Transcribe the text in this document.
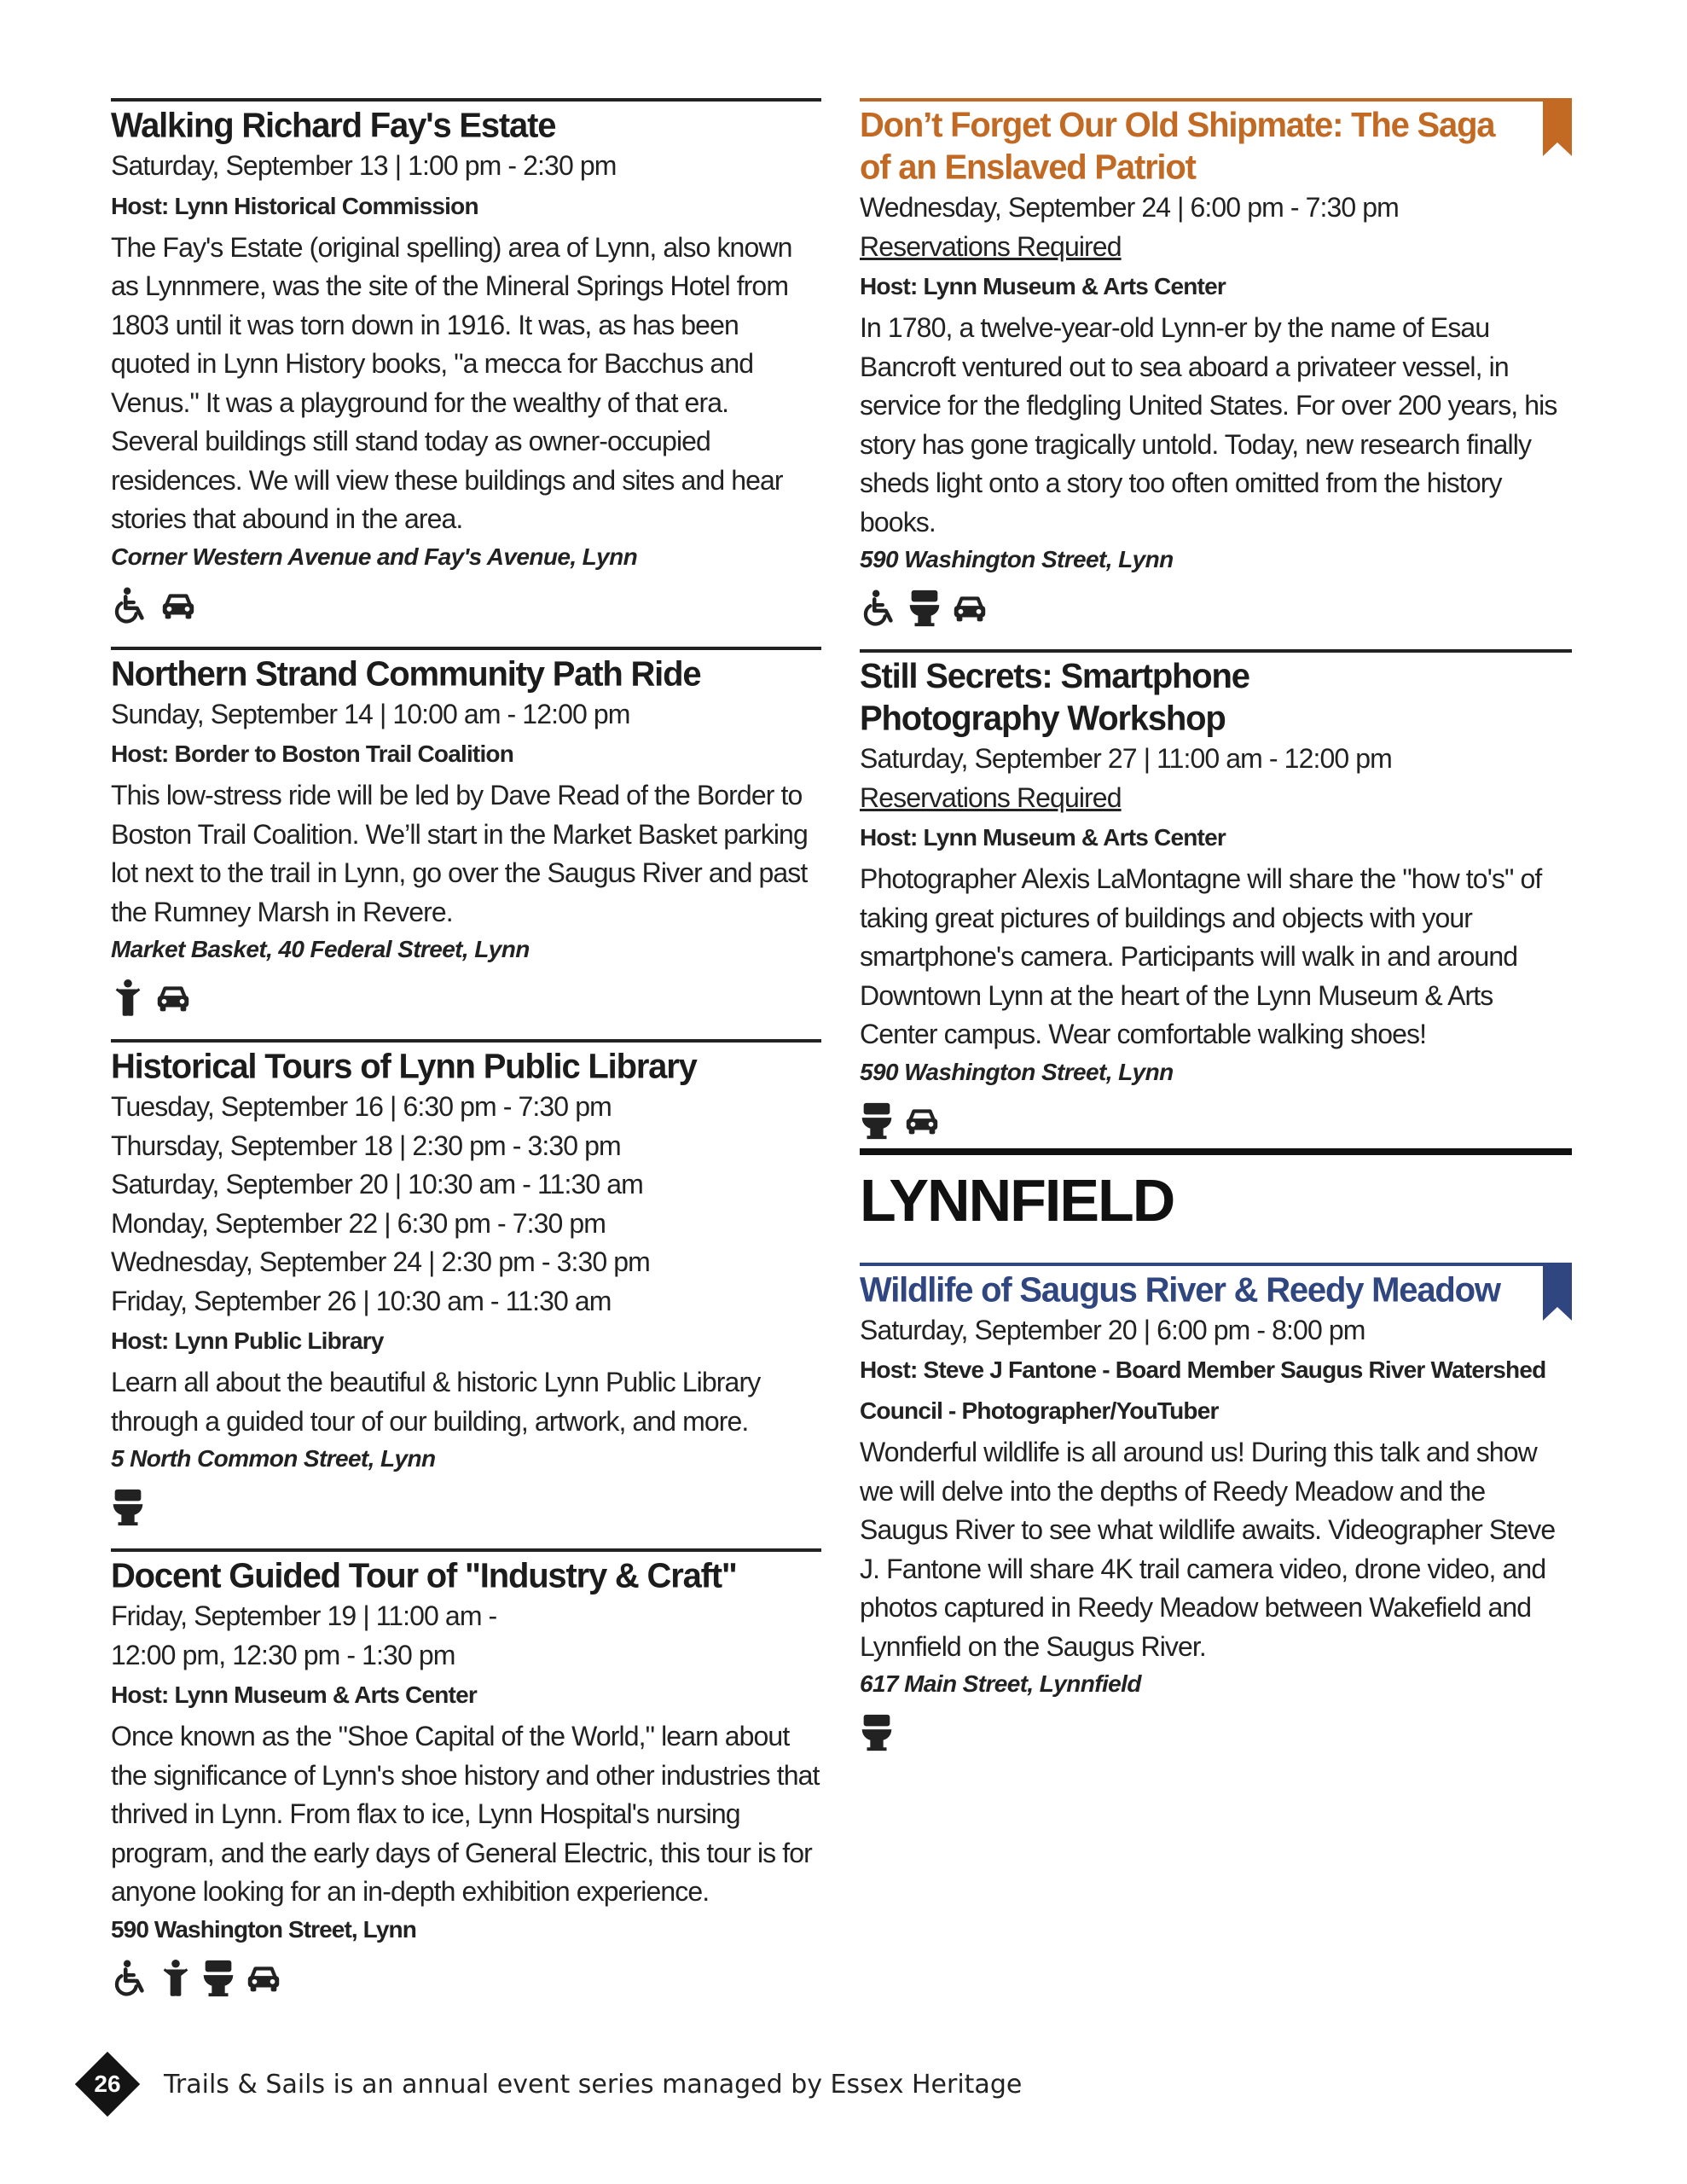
Walking Richard Fay's Estate
Saturday, September 13 | 1:00 pm - 2:30 pm
Host: Lynn Historical Commission
The Fay's Estate (original spelling) area of Lynn, also known as Lynnmere, was the site of the Mineral Springs Hotel from 1803 until it was torn down in 1916. It was, as has been quoted in Lynn History books, "a mecca for Bacchus and Venus." It was a playground for the wealthy of that era. Several buildings still stand today as owner-occupied residences. We will view these buildings and sites and hear stories that abound in the area.
Corner Western Avenue and Fay's Avenue, Lynn
Northern Strand Community Path Ride
Sunday, September 14 | 10:00 am - 12:00 pm
Host: Border to Boston Trail Coalition
This low-stress ride will be led by Dave Read of the Border to Boston Trail Coalition. We’ll start in the Market Basket parking lot next to the trail in Lynn, go over the Saugus River and past the Rumney Marsh in Revere.
Market Basket, 40 Federal Street, Lynn
Historical Tours of Lynn Public Library
Tuesday, September 16 | 6:30 pm - 7:30 pm
Thursday, September 18 | 2:30 pm - 3:30 pm
Saturday, September 20 | 10:30 am - 11:30 am
Monday, September 22 | 6:30 pm - 7:30 pm
Wednesday, September 24 | 2:30 pm - 3:30 pm
Friday, September 26 | 10:30 am - 11:30 am
Host: Lynn Public Library
Learn all about the beautiful & historic Lynn Public Library through a guided tour of our building, artwork, and more.
5 North Common Street, Lynn
Docent Guided Tour of "Industry & Craft"
Friday, September 19 | 11:00 am -
12:00 pm, 12:30 pm - 1:30 pm
Host: Lynn Museum & Arts Center
Once known as the "Shoe Capital of the World," learn about the significance of Lynn's shoe history and other industries that thrived in Lynn. From flax to ice, Lynn Hospital's nursing program, and the early days of General Electric, this tour is for anyone looking for an in-depth exhibition experience.
590 Washington Street, Lynn
Don’t Forget Our Old Shipmate: The Saga of an Enslaved Patriot
Wednesday, September 24 | 6:00 pm - 7:30 pm
Reservations Required
Host: Lynn Museum & Arts Center
In 1780, a twelve-year-old Lynn-er by the name of Esau Bancroft ventured out to sea aboard a privateer vessel, in service for the fledgling United States. For over 200 years, his story has gone tragically untold. Today, new research finally sheds light onto a story too often omitted from the history books.
590 Washington Street, Lynn
Still Secrets: Smartphone Photography Workshop
Saturday, September 27 | 11:00 am - 12:00 pm
Reservations Required
Host: Lynn Museum & Arts Center
Photographer Alexis LaMontagne will share the "how to's" of taking great pictures of buildings and objects with your smartphone's camera. Participants will walk in and around Downtown Lynn at the heart of the Lynn Museum & Arts Center campus. Wear comfortable walking shoes!
590 Washington Street, Lynn
LYNNFIELD
Wildlife of Saugus River & Reedy Meadow
Saturday, September 20 | 6:00 pm - 8:00 pm
Host: Steve J Fantone - Board Member Saugus River Watershed Council - Photographer/YouTuber
Wonderful wildlife is all around us! During this talk and show we will delve into the depths of Reedy Meadow and the Saugus River to see what wildlife awaits. Videographer Steve J. Fantone will share 4K trail camera video, drone video, and photos captured in Reedy Meadow between Wakefield and Lynnfield on the Saugus River.
617 Main Street, Lynnfield
26	Trails & Sails is an annual event series managed by Essex Heritage
